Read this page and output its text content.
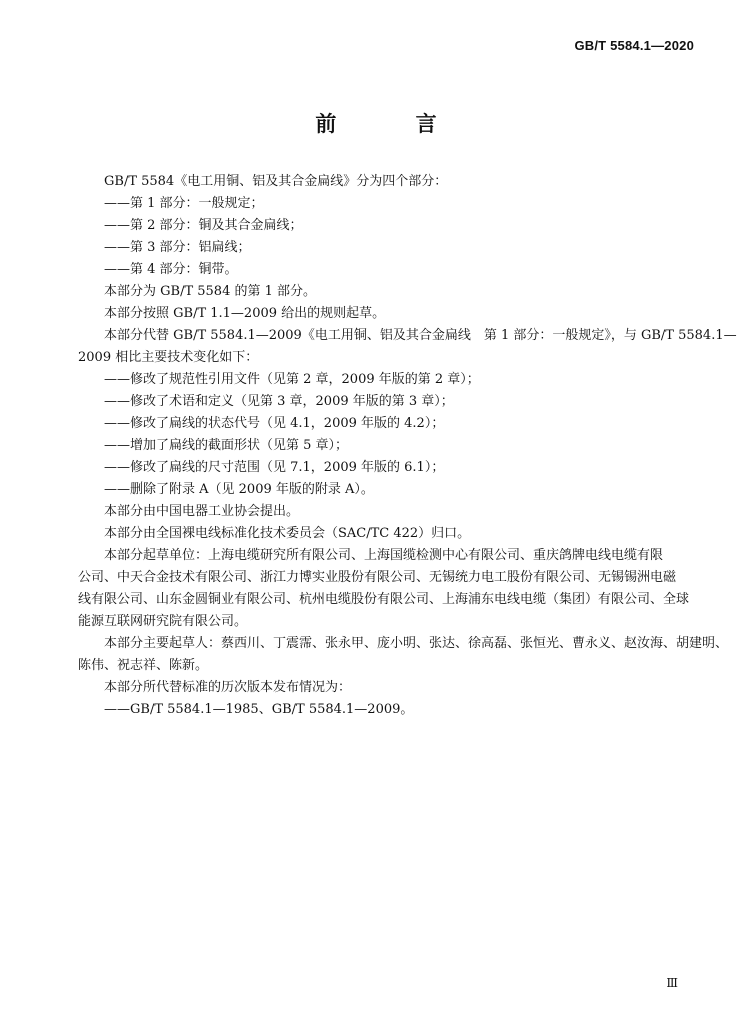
GB/T 5584.1—2020
前 言
GB/T 5584《电工用铜、铝及其合金扁线》分为四个部分：
——第 1 部分：一般规定；
——第 2 部分：铜及其合金扁线；
——第 3 部分：铝扁线；
——第 4 部分：铜带。
本部分为 GB/T 5584 的第 1 部分。
本部分按照 GB/T 1.1—2009 给出的规则起草。
本部分代替 GB/T 5584.1—2009《电工用铜、铝及其合金扁线　第 1 部分：一般规定》，与 GB/T 5584.1—
2009 相比主要技术变化如下：
——修改了规范性引用文件（见第 2 章，2009 年版的第 2 章）；
——修改了术语和定义（见第 3 章，2009 年版的第 3 章）；
——修改了扁线的状态代号（见 4.1，2009 年版的 4.2）；
——增加了扁线的截面形状（见第 5 章）；
——修改了扁线的尺寸范围（见 7.1，2009 年版的 6.1）；
——删除了附录 A（见 2009 年版的附录 A）。
本部分由中国电器工业协会提出。
本部分由全国裸电线标准化技术委员会（SAC/TC 422）归口。
本部分起草单位：上海电缆研究所有限公司、上海国缆检测中心有限公司、重庆鸽牌电线电缆有限
公司、中天合金技术有限公司、浙江力博实业股份有限公司、无锡统力电工股份有限公司、无锡锡洲电磁
线有限公司、山东金圆铜业有限公司、杭州电缆股份有限公司、上海浦东电线电缆（集团）有限公司、全球
能源互联网研究院有限公司。
本部分主要起草人：蔡西川、丁震霈、张永甲、庞小明、张达、徐高磊、张恒光、曹永义、赵汝海、胡建明、
陈伟、祝志祥、陈新。
本部分所代替标准的历次版本发布情况为：
——GB/T 5584.1—1985、GB/T 5584.1—2009。
Ⅲ
